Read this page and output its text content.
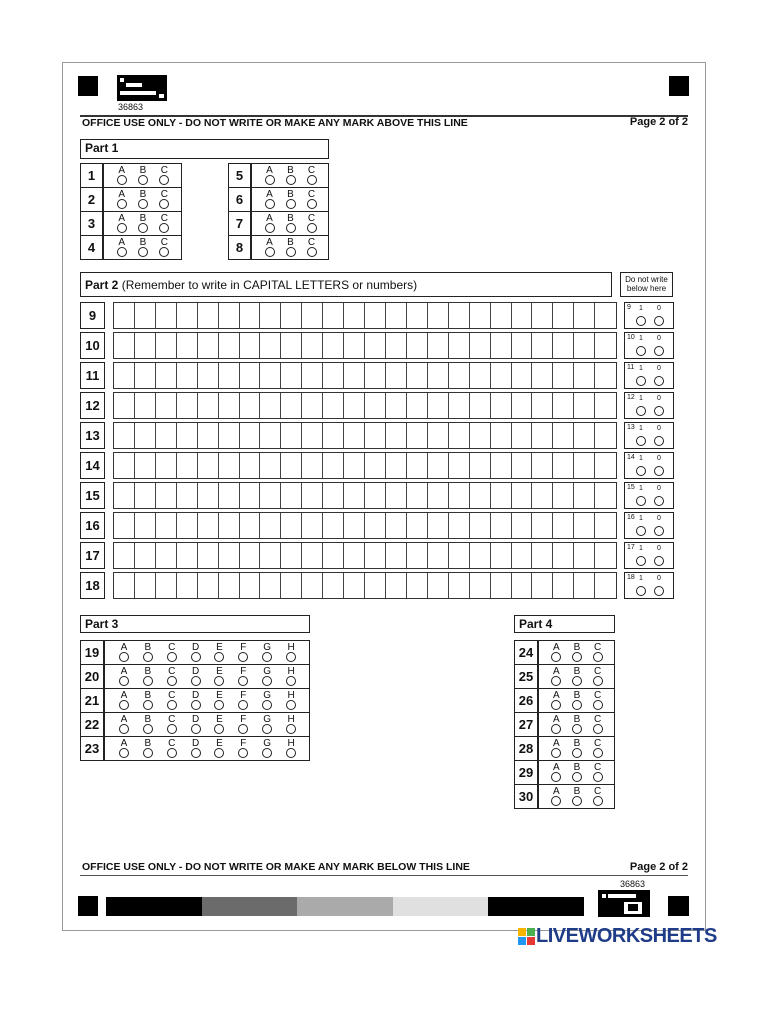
36863
OFFICE USE ONLY - DO NOT WRITE OR MAKE ANY MARK ABOVE THIS LINE	Page 2 of 2
Part 1
1	A	B	C
2	A	B	C
3	A	B	C
4	A	B	C
5	A	B	C
6	A	B	C
7	A	B	C
8	A	B	C
Part 2 (Remember to write in CAPITAL LETTERS or numbers)	Do not write below here
9
9	1	0
10
10 1	0
11
11 1	0
12
12 1	0
13
13 1	0
14
14 1	0
15
15 1	0
16
16 1	0
17
17 1	0
18
18 1	0
Part 3
19	A	B	C	D	E	F	G	H
20	A	B	C	D	E	F	G	H
21	A	B	C	D	E	F	G	H
22	A	B	C	D	E	F	G	H
23	A	B	C	D	E	F	G	H
Part 4
24	A	B	C
25	A	B	C
26	A	B	C
27	A	B	C
28	A	B	C
29	A	B	C
30	A	B	C
OFFICE USE ONLY - DO NOT WRITE OR MAKE ANY MARK BELOW THIS LINE	Page 2 of 2
36863
LIVEWORKSHEETS
